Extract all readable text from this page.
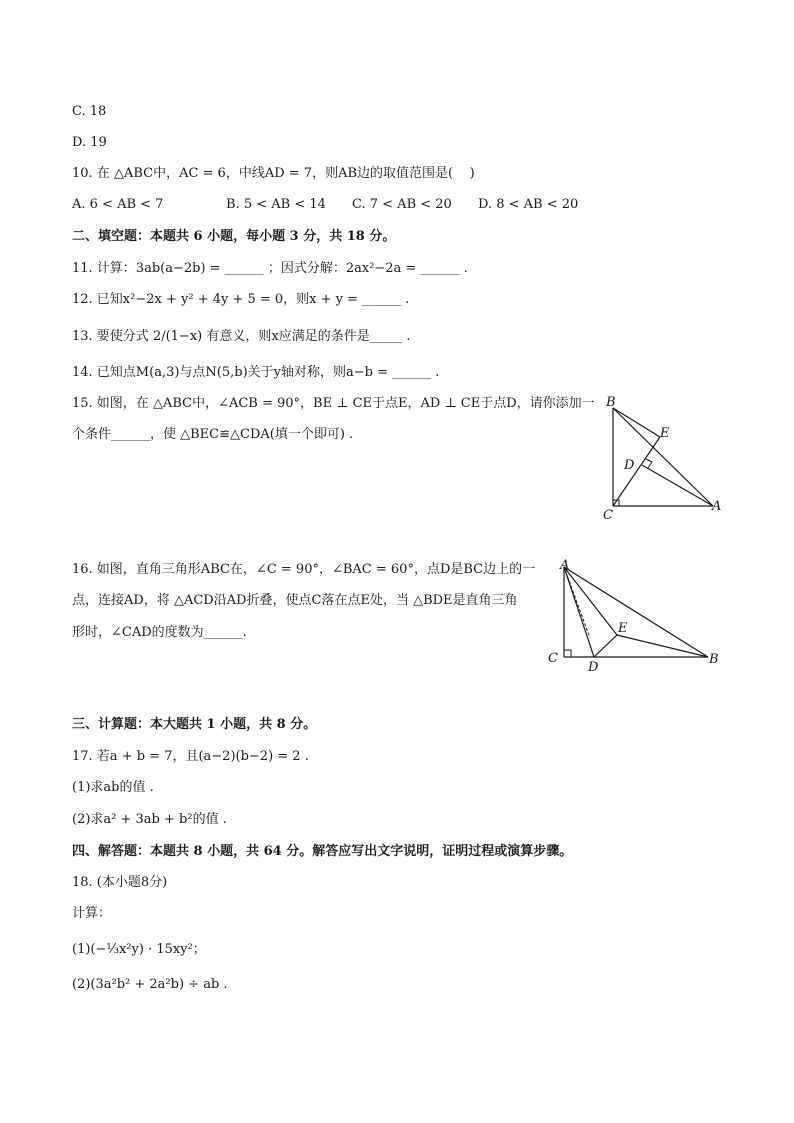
C. 18
D. 19
10. 在 △ABC中，AC = 6，中线AD = 7，则AB边的取值范围是(    )
A. 6 < AB < 7	B. 5 < AB < 14 C. 7 < AB < 20 D. 8 < AB < 20
二、填空题：本题共 6 小题，每小题 3 分，共 18 分。
11. 计算：3ab(a−2b) = ______ ；因式分解：2ax²−2a = ______ .
12. 已知x²−2x + y² + 4y + 5 = 0，则x + y = ______ .
13. 要使分式 2/(1−x) 有意义，则x应满足的条件是_____ .
14. 已知点M(a,3)与点N(5,b)关于y轴对称，则a−b = ______ .
15. 如图，在 △ABC中，∠ACB = 90°，BE ⊥ CE于点E，AD ⊥ CE于点D，请你添加一
个条件______，使 △BEC≌△CDA(填一个即可) .
B
E
D
C
A
16. 如图，直角三角形ABC在，∠C = 90°，∠BAC = 60°，点D是BC边上的一
点，连接AD，将 △ACD沿AD折叠，使点C落在点E处，当 △BDE是直角三角
形时，∠CAD的度数为______.
A
E
C
D
B
三、计算题：本大题共 1 小题，共 8 分。
17. 若a + b = 7，且(a−2)(b−2) = 2 .
(1)求ab的值 .
(2)求a² + 3ab + b²的值 .
四、解答题：本题共 8 小题，共 64 分。解答应写出文字说明，证明过程或演算步骤。
18. (本小题8分)
计算：
(1)(−⅓x²y) · 15xy²；
(2)(3a²b² + 2a²b) ÷ ab .
